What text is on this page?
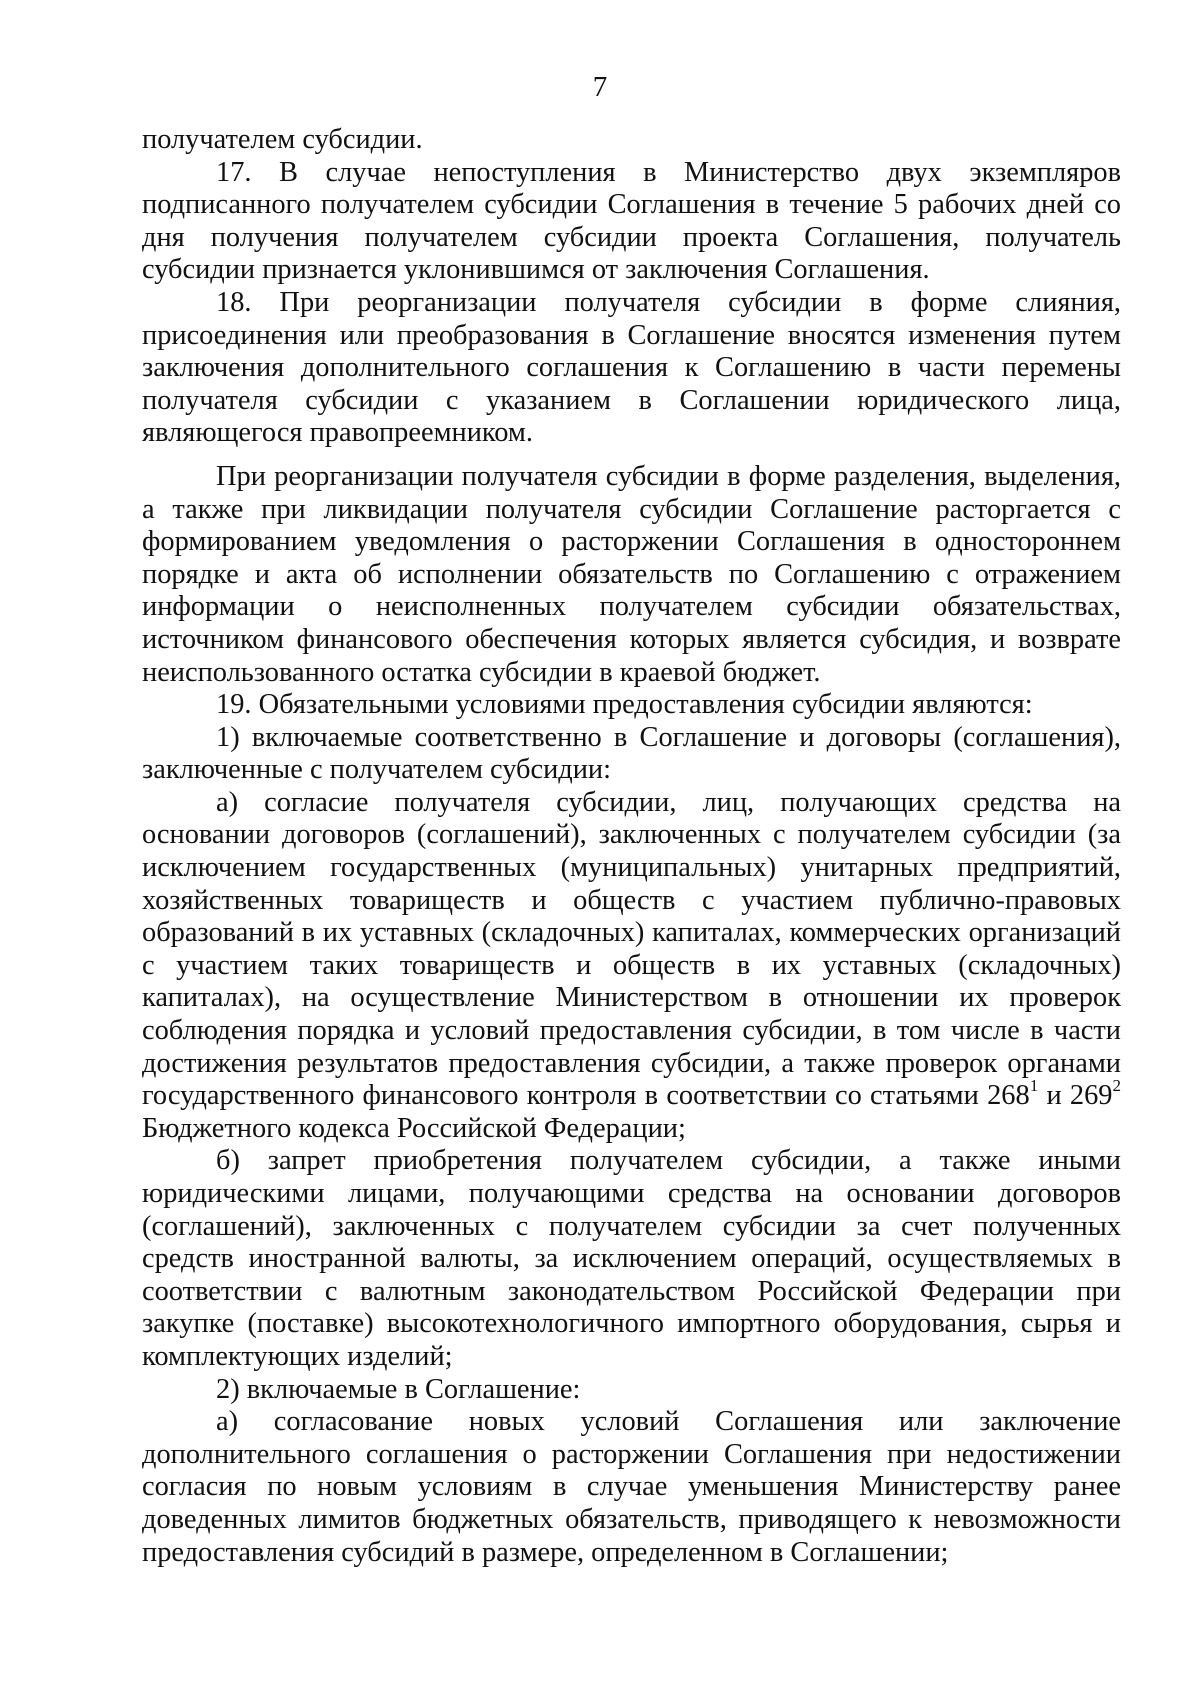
7

получателем субсидии.

17. В случае непоступления в Министерство двух экземпляров подписанного получателем субсидии Соглашения в течение 5 рабочих дней со дня получения получателем субсидии проекта Соглашения, получатель субсидии признается уклонившимся от заключения Соглашения.

18. При реорганизации получателя субсидии в форме слияния, присоединения или преобразования в Соглашение вносятся изменения путем заключения дополнительного соглашения к Соглашению в части перемены получателя субсидии с указанием в Соглашении юридического лица, являющегося правопреемником.

При реорганизации получателя субсидии в форме разделения, выделения, а также при ликвидации получателя субсидии Соглашение расторгается с формированием уведомления о расторжении Соглашения в одностороннем порядке и акта об исполнении обязательств по Соглашению с отражением информации о неисполненных получателем субсидии обязательствах, источником финансового обеспечения которых является субсидия, и возврате неиспользованного остатка субсидии в краевой бюджет.

19. Обязательными условиями предоставления субсидии являются:

1) включаемые соответственно в Соглашение и договоры (соглашения), заключенные с получателем субсидии:

а) согласие получателя субсидии, лиц, получающих средства на основании договоров (соглашений), заключенных с получателем субсидии (за исключением государственных (муниципальных) унитарных предприятий, хозяйственных товариществ и обществ с участием публично-правовых образований в их уставных (складочных) капиталах, коммерческих организаций с участием таких товариществ и обществ в их уставных (складочных) капиталах), на осуществление Министерством в отношении их проверок соблюдения порядка и условий предоставления субсидии, в том числе в части достижения результатов предоставления субсидии, а также проверок органами государственного финансового контроля в соответствии со статьями $268^1$ и $269^2$ Бюджетного кодекса Российской Федерации;

б) запрет приобретения получателем субсидии, а также иными юридическими лицами, получающими средства на основании договоров (соглашений), заключенных с получателем субсидии за счет полученных средств иностранной валюты, за исключением операций, осуществляемых в соответствии с валютным законодательством Российской Федерации при закупке (поставке) высокотехнологичного импортного оборудования, сырья и комплектующих изделий;

2) включаемые в Соглашение:

а) согласование новых условий Соглашения или заключение дополнительного соглашения о расторжении Соглашения при недостижении согласия по новым условиям в случае уменьшения Министерству ранее доведенных лимитов бюджетных обязательств, приводящего к невозможности предоставления субсидий в размере, определенном в Соглашении;
